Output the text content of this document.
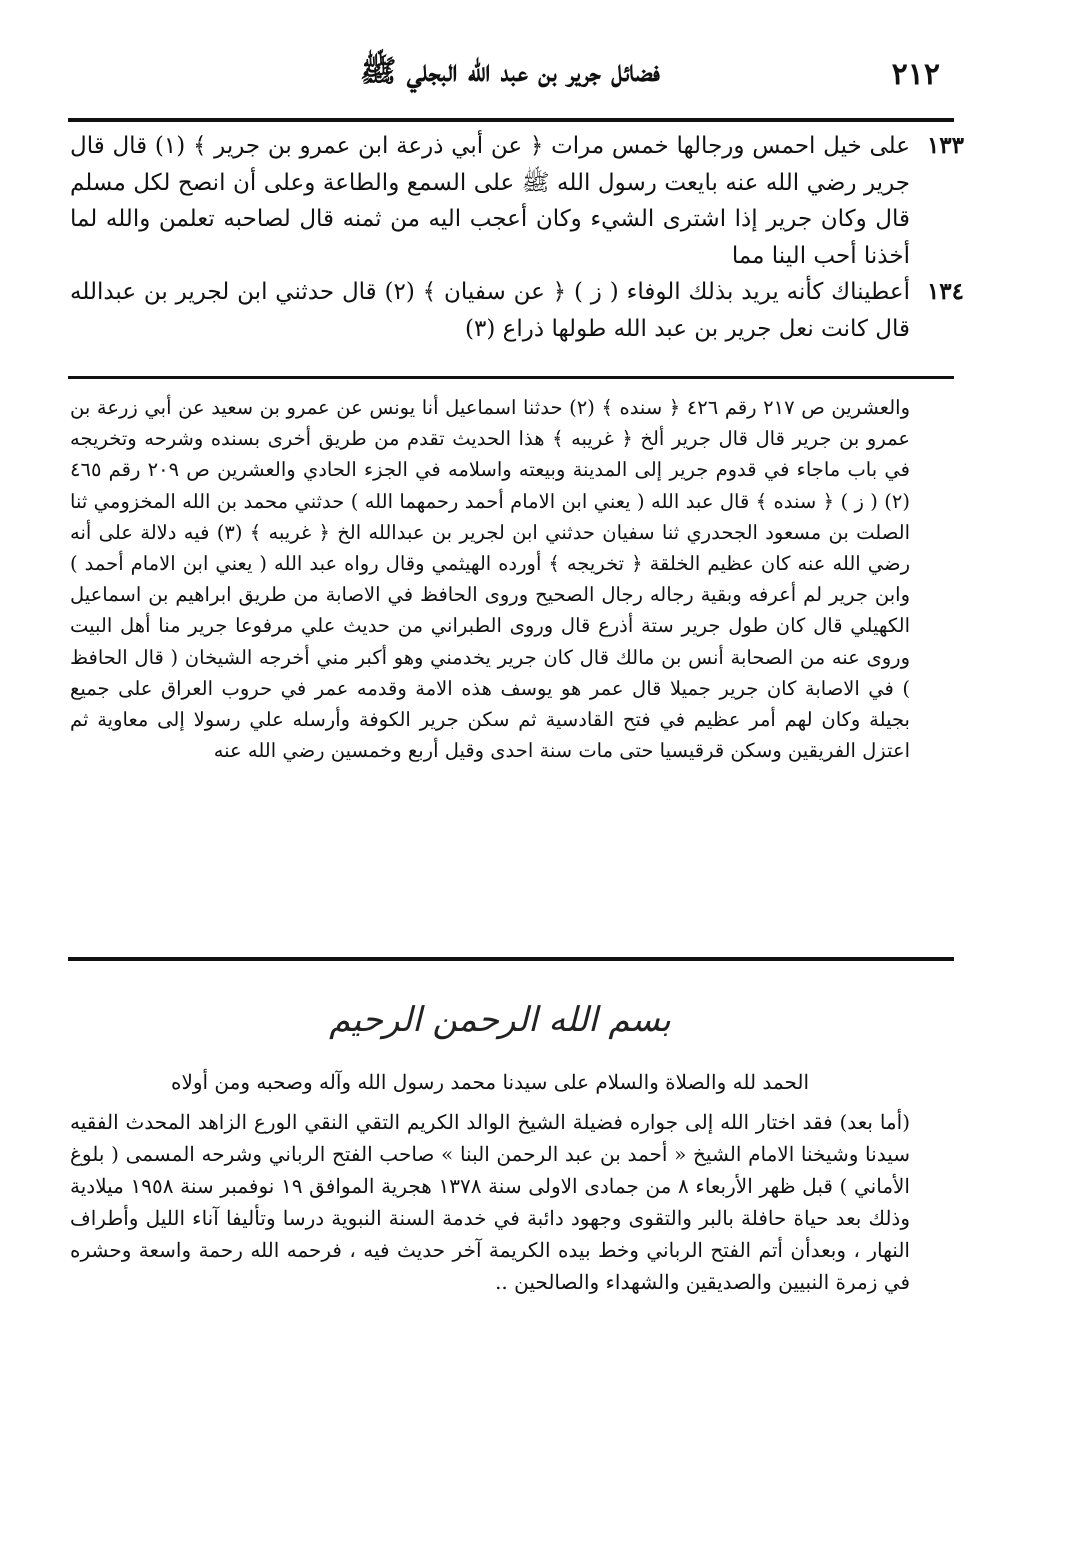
٢١٢
فضائل جرير بن عبد الله البجلي ﷺ
١٣٣
على خيل احمس ورجالها خمس مرات ﴿ عن أبي ذرعة ابن عمرو بن جرير ﴾ (١) قال قال جرير رضي الله عنه بايعت رسول الله ﷺ على السمع والطاعة وعلى أن انصح لكل مسلم قال وكان جرير إذا اشترى الشيء وكان أعجب اليه من ثمنه قال لصاحبه تعلمن والله لما أخذنا أحب الينا مما
١٣٤
أعطيناك كأنه يريد بذلك الوفاء ( ز ) ﴿ عن سفيان ﴾ (٢) قال حدثني ابن لجرير بن عبدالله قال كانت نعل جرير بن عبد الله طولها ذراع (٣)
والعشرين ص ٢١٧ رقم ٤٢٦ ﴿ سنده ﴾ (٢) حدثنا اسماعيل أنا يونس عن عمرو بن سعيد عن أبي زرعة بن عمرو بن جرير قال قال جرير ألخ ﴿ غريبه ﴾ هذا الحديث تقدم من طريق أخرى بسنده وشرحه وتخريجه في باب ماجاء في قدوم جرير إلى المدينة وبيعته واسلامه في الجزء الحادي والعشرين ص ٢٠٩ رقم ٤٦٥ (٢) ( ز ) ﴿ سنده ﴾ قال عبد الله ( يعني ابن الامام أحمد رحمهما الله ) حدثني محمد بن الله المخزومي ثنا الصلت بن مسعود الجحدري ثنا سفيان حدثني ابن لجرير بن عبدالله الخ ﴿ غريبه ﴾ (٣) فيه دلالة على أنه رضي الله عنه كان عظيم الخلقة ﴿ تخريجه ﴾ أورده الهيثمي وقال رواه عبد الله ( يعني ابن الامام أحمد ) وابن جرير لم أعرفه وبقية رجاله رجال الصحيح وروى الحافظ في الاصابة من طريق ابراهيم بن اسماعيل الكهيلي قال كان طول جرير ستة أذرع قال وروى الطبراني من حديث علي مرفوعا جرير منا أهل البيت وروى عنه من الصحابة أنس بن مالك قال كان جرير يخدمني وهو أكبر مني أخرجه الشيخان ( قال الحافظ ) في الاصابة كان جرير جميلا قال عمر هو يوسف هذه الامة وقدمه عمر في حروب العراق على جميع بجيلة وكان لهم أمر عظيم في فتح القادسية ثم سكن جرير الكوفة وأرسله علي رسولا إلى معاوية ثم اعتزل الفريقين وسكن قرقيسيا حتى مات سنة احدى وقيل أربع وخمسين رضي الله عنه
بسم الله الرحمن الرحيم
الحمد لله والصلاة والسلام على سيدنا محمد رسول الله وآله وصحبه ومن أولاه
(أما بعد) فقد اختار الله إلى جواره فضيلة الشيخ الوالد الكريم التقي النقي الورع الزاهد المحدث الفقيه سيدنا وشيخنا الامام الشيخ « أحمد بن عبد الرحمن البنا » صاحب الفتح الرباني وشرحه المسمى ( بلوغ الأماني ) قبل ظهر الأربعاء ٨ من جمادى الاولى سنة ١٣٧٨ هجرية الموافق ١٩ نوفمبر سنة ١٩٥٨ ميلادية وذلك بعد حياة حافلة بالبر والتقوى وجهود دائبة في خدمة السنة النبوية درسا وتأليفا آناء الليل وأطراف النهار ، وبعدأن أتم الفتح الرباني وخط بيده الكريمة آخر حديث فيه ، فرحمه الله رحمة واسعة وحشره في زمرة النبيين والصديقين والشهداء والصالحين ..
